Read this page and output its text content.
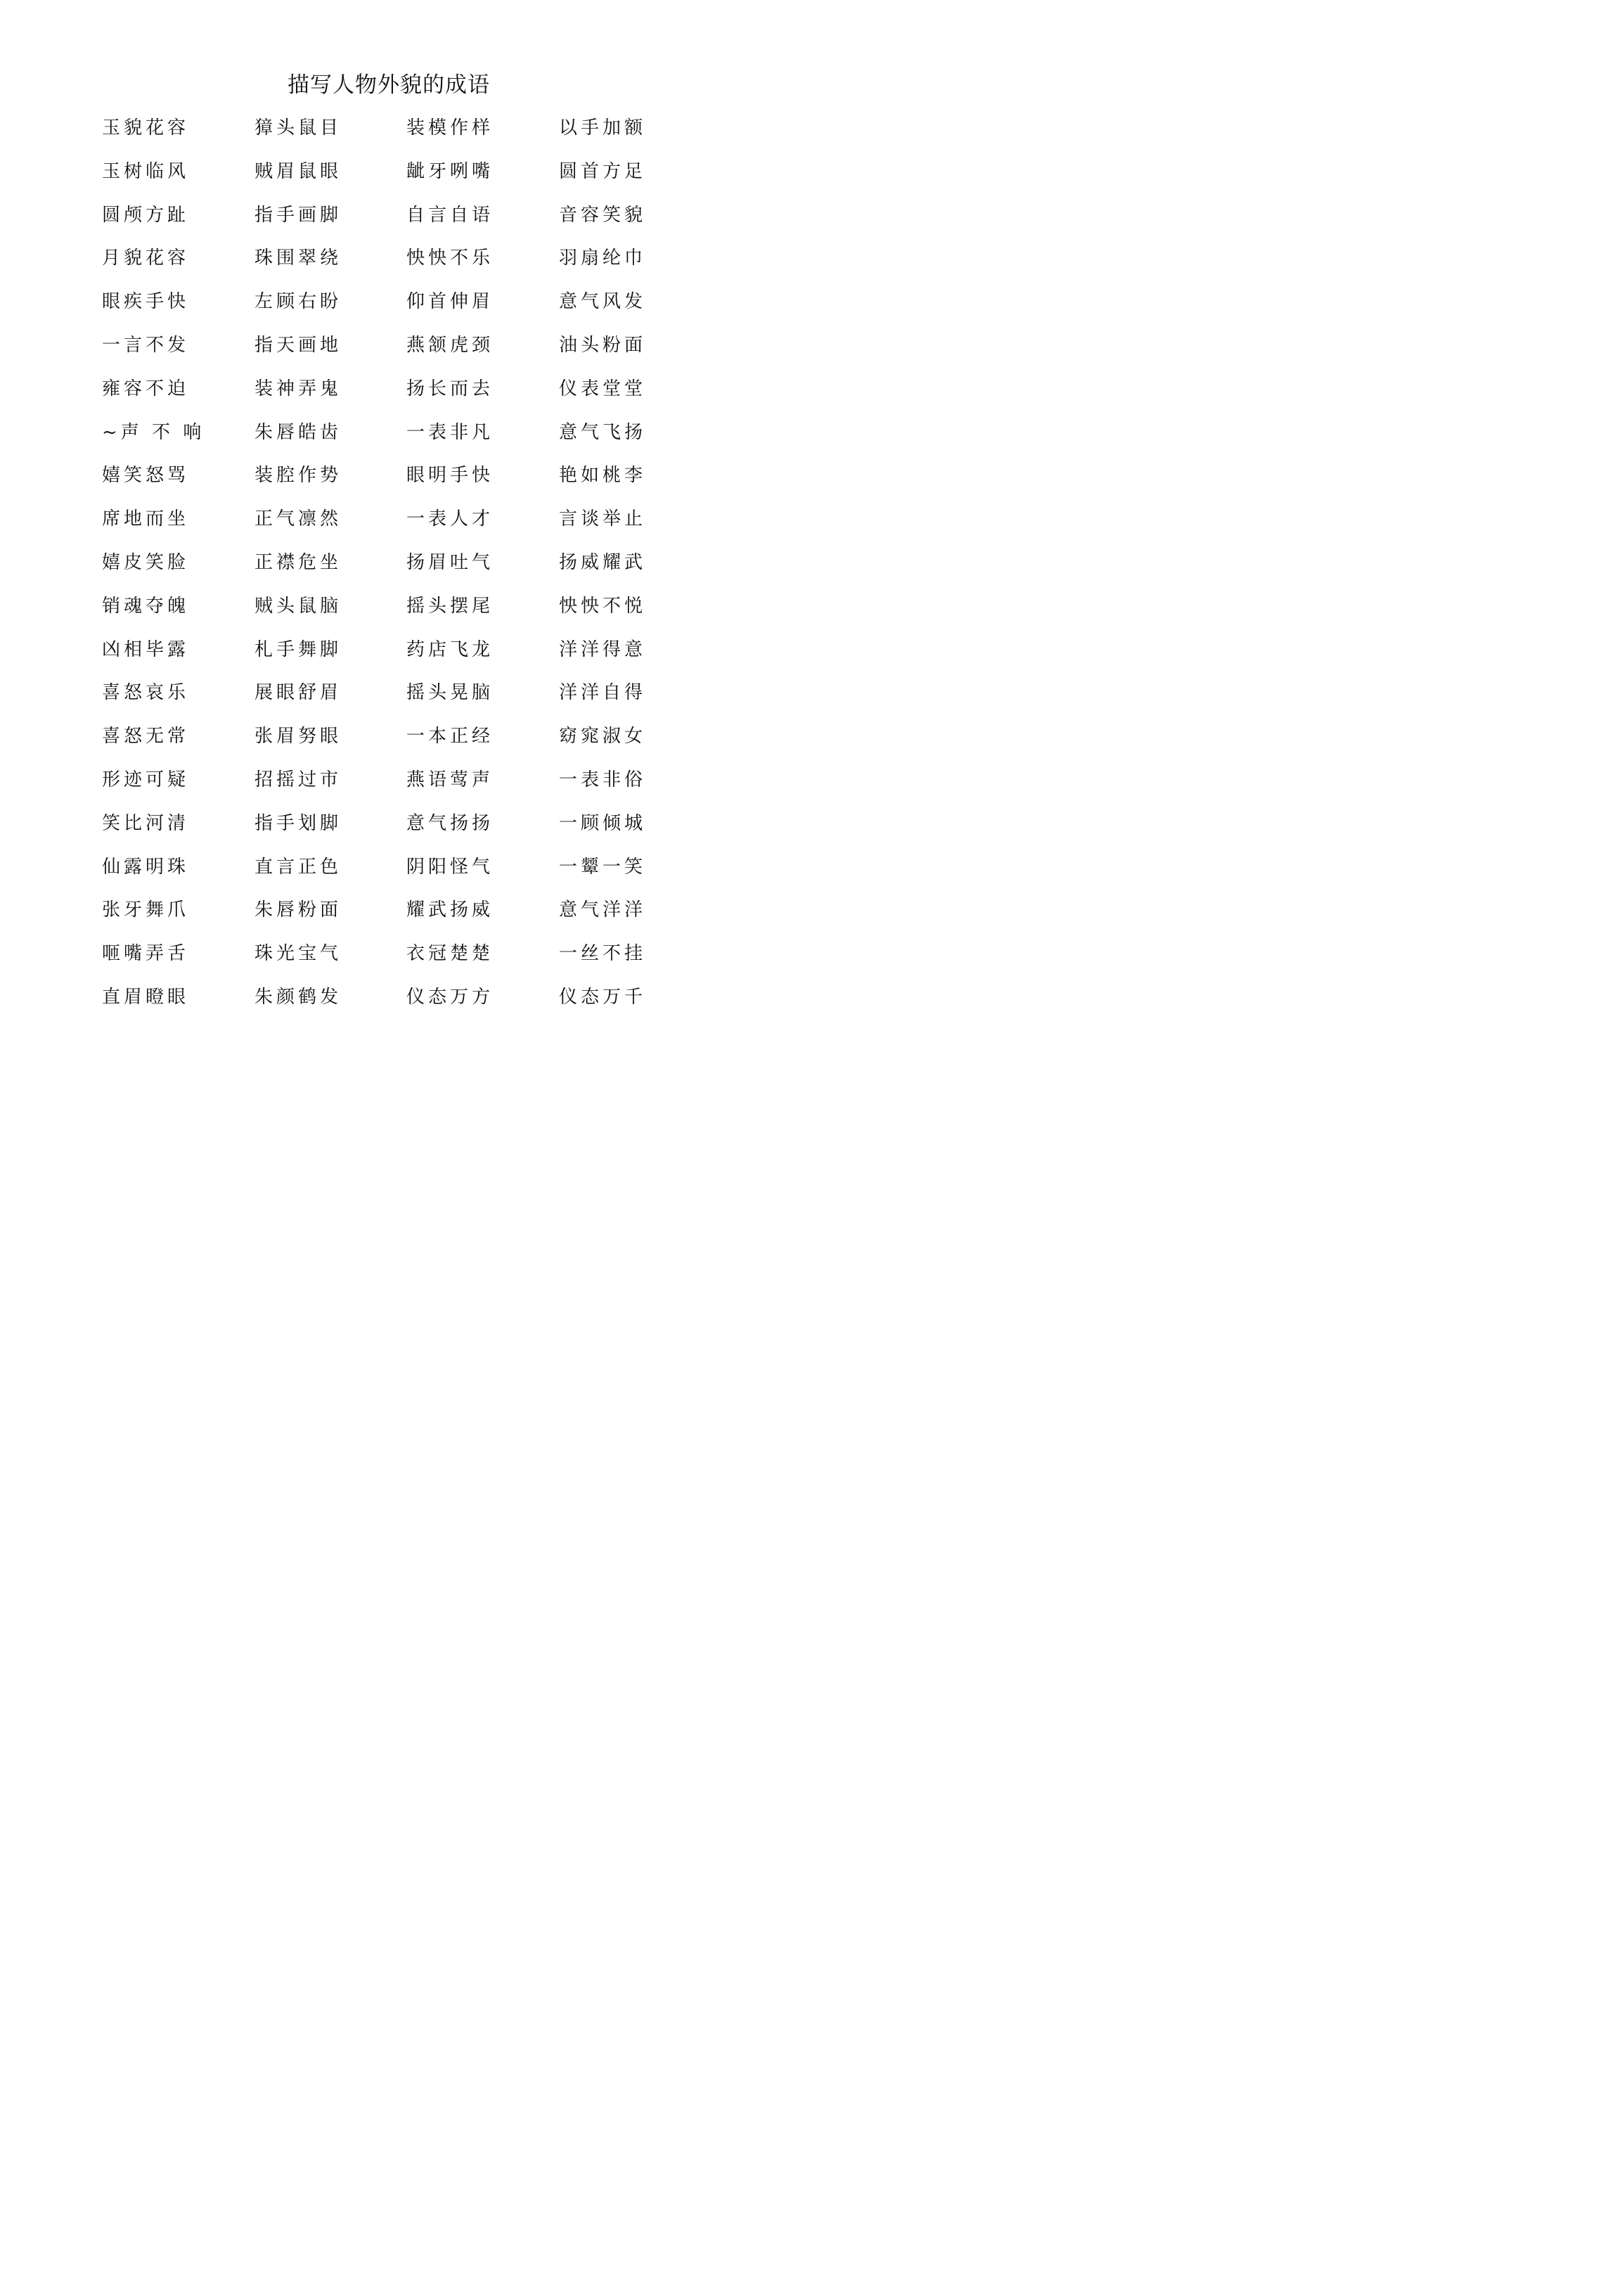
描写人物外貌的成语
玉貌花容	獐头鼠目	装模作样	以手加额
玉树临风	贼眉鼠眼	龇牙咧嘴	圆首方足
圆颅方趾	指手画脚	自言自语	音容笑貌
月貌花容	珠围翠绕	怏怏不乐	羽扇纶巾
眼疾手快	左顾右盼	仰首伸眉	意气风发
一言不发	指天画地	燕颔虎颈	油头粉面
雍容不迫	装神弄鬼	扬长而去	仪表堂堂
~声 不 响	朱唇皓齿	一表非凡	意气飞扬
嬉笑怒骂	装腔作势	眼明手快	艳如桃李
席地而坐	正气凛然	一表人才	言谈举止
嬉皮笑脸	正襟危坐	扬眉吐气	扬威耀武
销魂夺魄	贼头鼠脑	摇头摆尾	怏怏不悦
凶相毕露	札手舞脚	药店飞龙	洋洋得意
喜怒哀乐	展眼舒眉	摇头晃脑	洋洋自得
喜怒无常	张眉努眼	一本正经	窈窕淑女
形迹可疑	招摇过市	燕语莺声	一表非俗
笑比河清	指手划脚	意气扬扬	一顾倾城
仙露明珠	直言正色	阴阳怪气	一颦一笑
张牙舞爪	朱唇粉面	耀武扬威	意气洋洋
咂嘴弄舌	珠光宝气	衣冠楚楚	一丝不挂
直眉瞪眼	朱颜鹤发	仪态万方	仪态万千
